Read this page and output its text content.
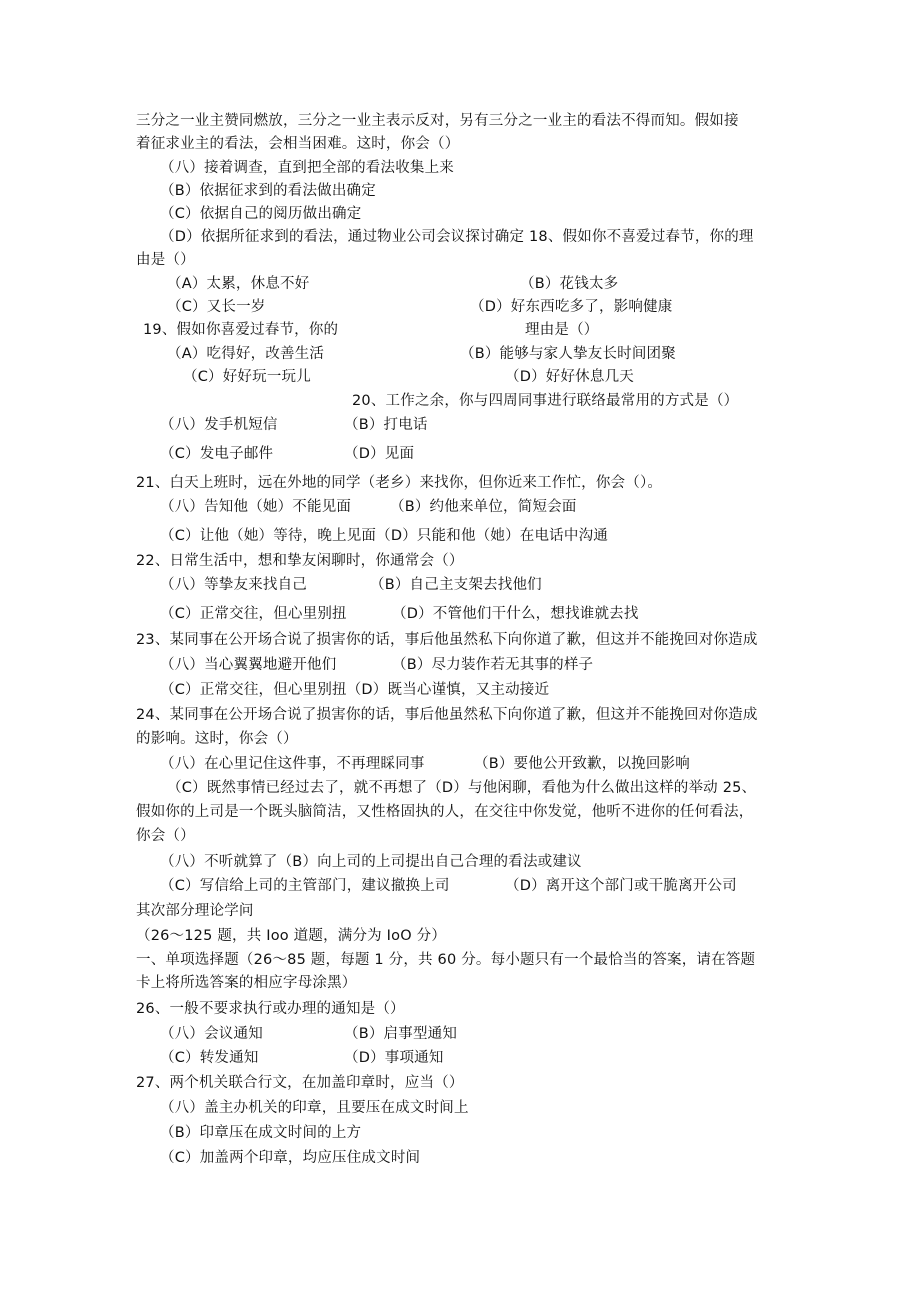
三分之一业主赞同燃放，三分之一业主表示反对，另有三分之一业主的看法不得而知。假如接
着征求业主的看法，会相当困难。这时，你会（）
（八）接着调查，直到把全部的看法收集上来
（B）依据征求到的看法做出确定
（C）依据自己的阅历做出确定
（D）依据所征求到的看法，通过物业公司会议探讨确定 18、假如你不喜爱过春节，你的理
由是（）
（A）太累，休息不好	（B）花钱太多
（C）又长一岁	（D）好东西吃多了，影响健康
19、假如你喜爱过春节，你的	理由是（）
（A）吃得好，改善生活	（B）能够与家人挚友长时间团聚
（C）好好玩一玩儿	（D）好好休息几天
20、工作之余，你与四周同事进行联络最常用的方式是（）
（八）发手机短信	（B）打电话
（C）发电子邮件	（D）见面
21、白天上班时，远在外地的同学（老乡）来找你，但你近来工作忙，你会（）。
（八）告知他（她）不能见面	（B）约他来单位，简短会面
（C）让他（她）等待，晚上见面（D）只能和他（她）在电话中沟通
22、日常生活中，想和挚友闲聊时，你通常会（）
（八）等挚友来找自己	（B）自己主支架去找他们
（C）正常交往，但心里别扭	（D）不管他们干什么，想找谁就去找
23、某同事在公开场合说了损害你的话，事后他虽然私下向你道了歉，但这并不能挽回对你造成
（八）当心翼翼地避开他们	（B）尽力装作若无其事的样子
（C）正常交往，但心里别扭（D）既当心谨慎，又主动接近
24、某同事在公开场合说了损害你的话，事后他虽然私下向你道了歉，但这并不能挽回对你造成
的影响。这时，你会（）
（八）在心里记住这件事，不再理睬同事	（B）要他公开致歉，以挽回影响
（C）既然事情已经过去了，就不再想了（D）与他闲聊，看他为什么做出这样的举动 25、
假如你的上司是一个既头脑简洁，又性格固执的人，在交往中你发觉，他听不进你的任何看法，
你会（）
（八）不听就算了（B）向上司的上司提出自己合理的看法或建议
（C）写信给上司的主管部门，建议撤换上司	（D）离开这个部门或干脆离开公司
其次部分理论学问
（26～125 题，共 Ioo 道题，满分为 IoO 分）
一、单项选择题（26～85 题，每题 1 分，共 60 分。每小题只有一个最恰当的答案，请在答题
卡上将所选答案的相应字母涂黑）
26、一般不要求执行或办理的通知是（）
（八）会议通知	（B）启事型通知
（C）转发通知	（D）事项通知
27、两个机关联合行文，在加盖印章时，应当（）
（八）盖主办机关的印章，且要压在成文时间上
（B）印章压在成文时间的上方
（C）加盖两个印章，均应压住成文时间
